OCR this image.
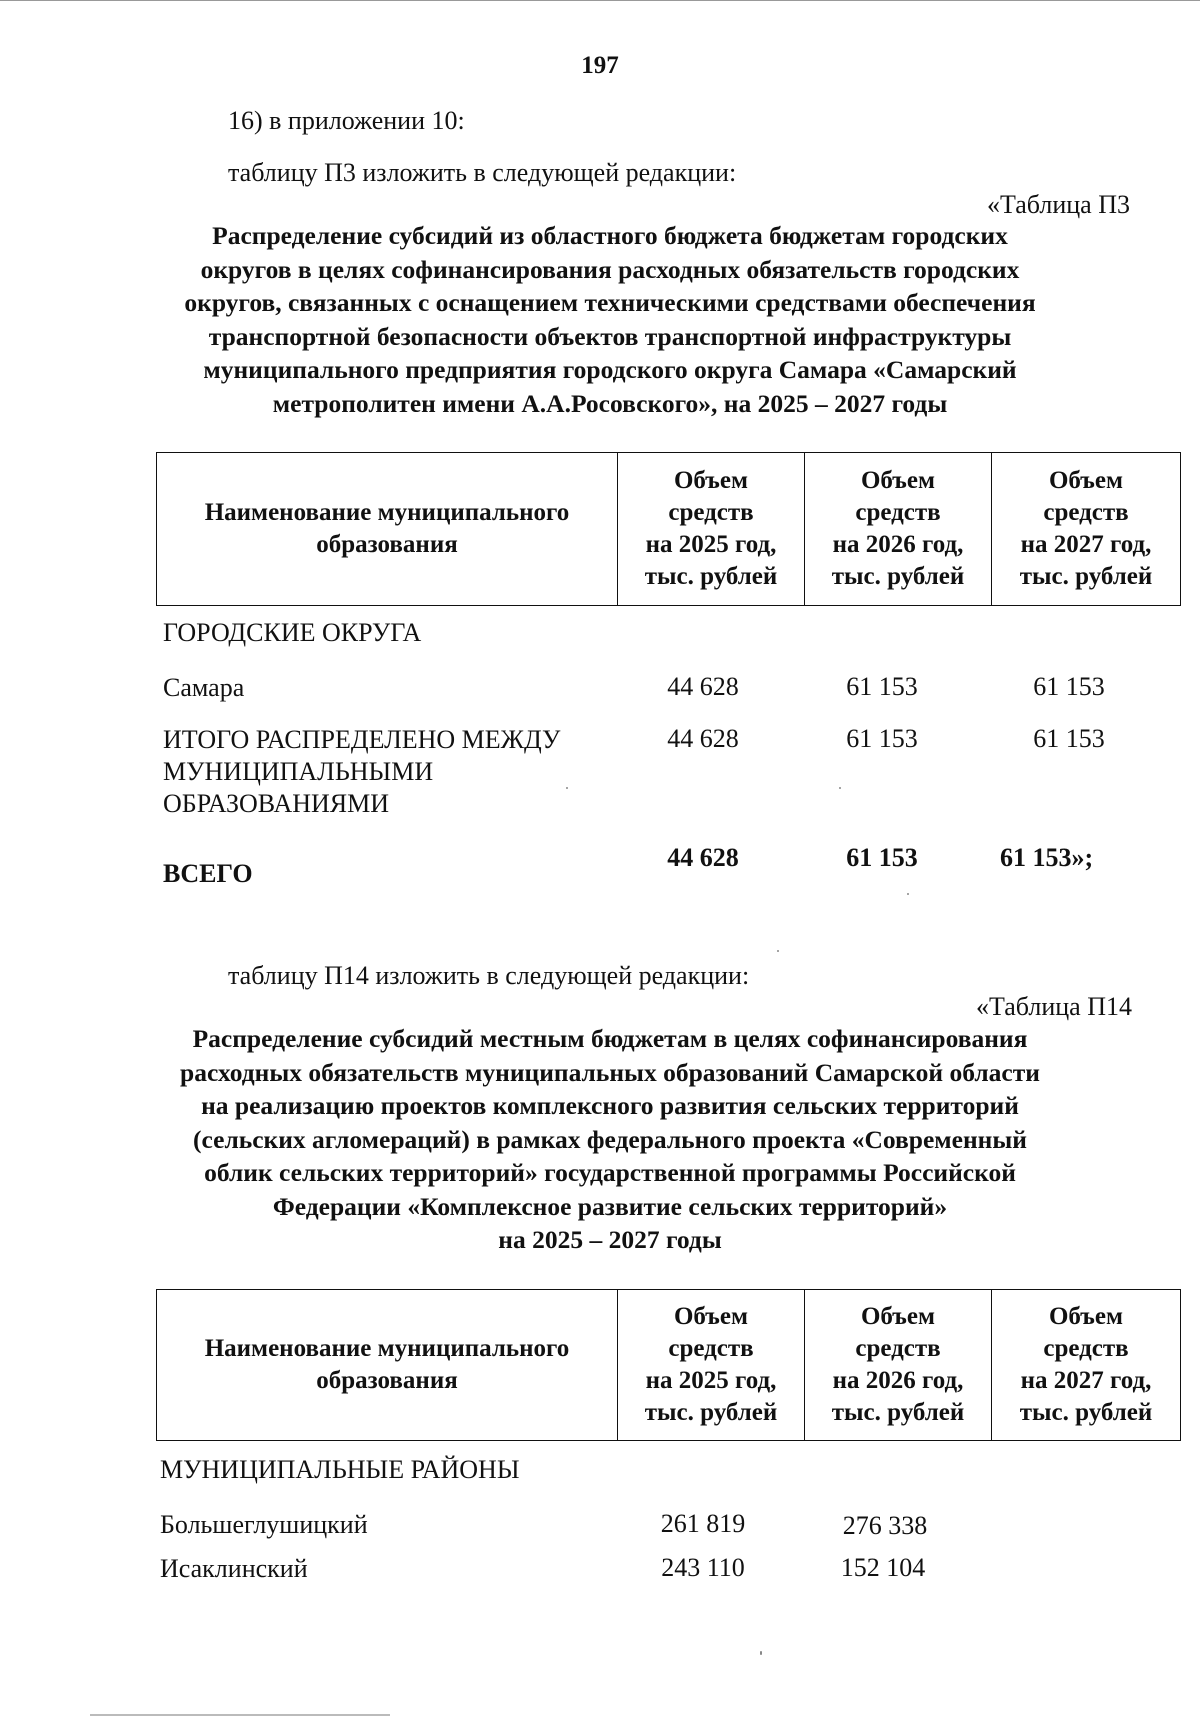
197
16) в приложении 10:
таблицу П3 изложить в следующей редакции:
«Таблица П3
Распределение субсидий из областного бюджета бюджетам городских
округов в целях софинансирования расходных обязательств городских
округов, связанных с оснащением техническими средствами обеспечения
транспортной безопасности объектов транспортной инфраструктуры
муниципального предприятия городского округа Самара «Самарский
метрополитен имени А.А.Росовского», на 2025 – 2027 годы
Наименование муниципального
образования

Объем
средств
на 2025 год,
тыс. рублей

Объем
средств
на 2026 год,
тыс. рублей

Объем
средств
на 2027 год,
тыс. рублей
ГОРОДСКИЕ ОКРУГА
Самара	44 628	61 153	61 153
ИТОГО РАСПРЕДЕЛЕНО МЕЖДУ
МУНИЦИПАЛЬНЫМИ
ОБРАЗОВАНИЯМИ
44 628	61 153	61 153
ВСЕГО
44 628	61 153	61 153»;
таблицу П14 изложить в следующей редакции:
«Таблица П14
Распределение субсидий местным бюджетам в целях софинансирования
расходных обязательств муниципальных образований Самарской области
на реализацию проектов комплексного развития сельских территорий
(сельских агломераций) в рамках федерального проекта «Современный
облик сельских территорий» государственной программы Российской
Федерации «Комплексное развитие сельских территорий»
на 2025 – 2027 годы
Наименование муниципального
образования

Объем
средств
на 2025 год,
тыс. рублей

Объем
средств
на 2026 год,
тыс. рублей

Объем
средств
на 2027 год,
тыс. рублей
МУНИЦИПАЛЬНЫЕ РАЙОНЫ
Большеглушицкий	261 819	276 338
Исаклинский	243 110	152 104
